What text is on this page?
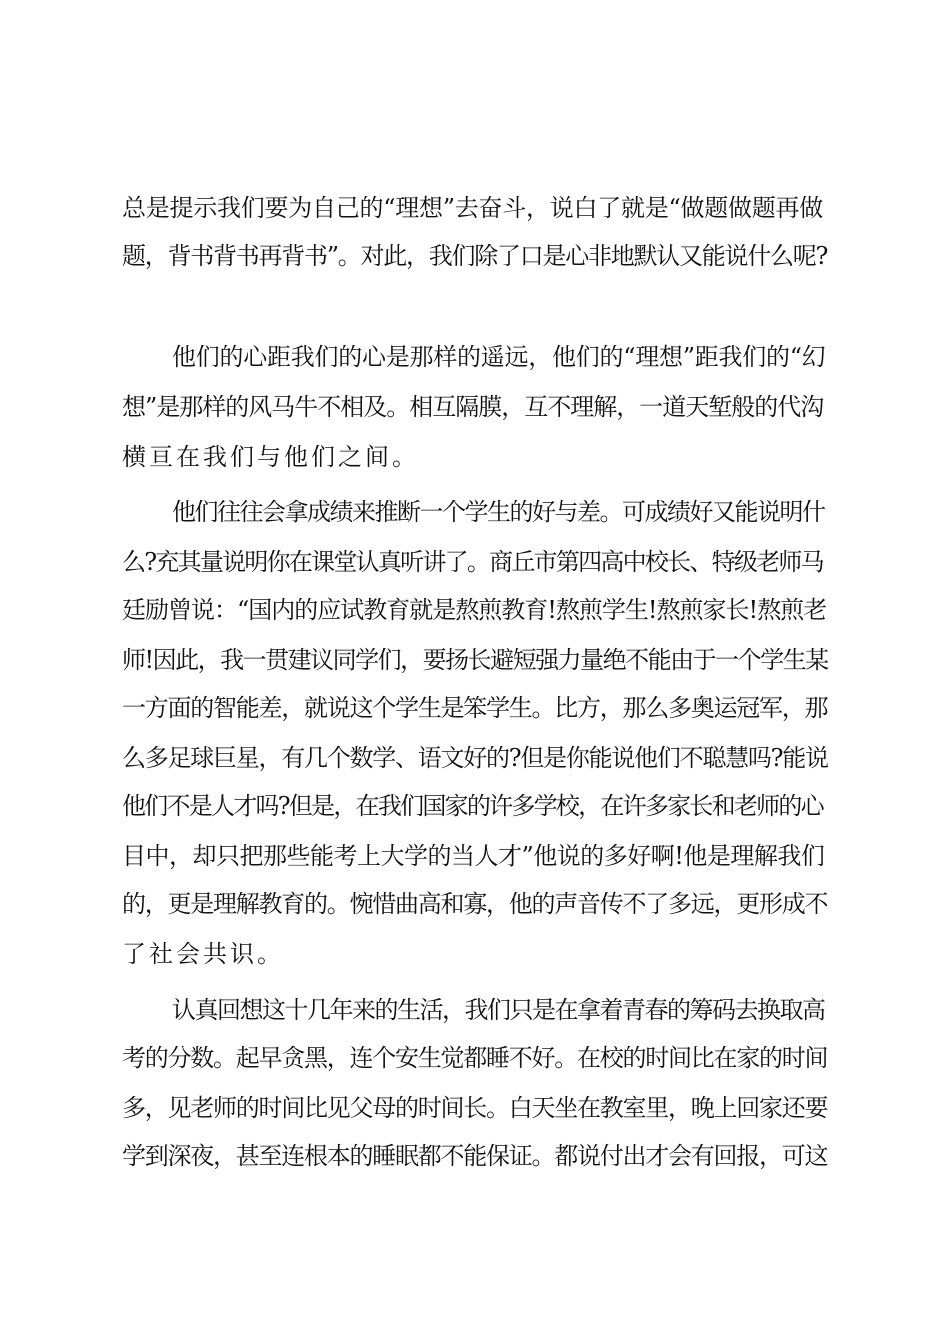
总是提示我们要为自己的“理想”去奋斗，说白了就是“做题做题再做
题，背书背书再背书”。对此，我们除了口是心非地默认又能说什么呢?
他们的心距我们的心是那样的遥远，他们的“理想”距我们的“幻
想”是那样的风马牛不相及。相互隔膜，互不理解，一道天堑般的代沟
横亘在我们与他们之间。
他们往往会拿成绩来推断一个学生的好与差。可成绩好又能说明什
么?充其量说明你在课堂认真听讲了。商丘市第四高中校长、特级老师马
廷励曾说：“国内的应试教育就是熬煎教育!熬煎学生!熬煎家长!熬煎老
师!因此，我一贯建议同学们，要扬长避短强力量绝不能由于一个学生某
一方面的智能差，就说这个学生是笨学生。比方，那么多奥运冠军，那
么多足球巨星，有几个数学、语文好的?但是你能说他们不聪慧吗?能说
他们不是人才吗?但是，在我们国家的许多学校，在许多家长和老师的心
目中，却只把那些能考上大学的当人才”他说的多好啊!他是理解我们
的，更是理解教育的。惋惜曲高和寡，他的声音传不了多远，更形成不
了社会共识。
认真回想这十几年来的生活，我们只是在拿着青春的筹码去换取高
考的分数。起早贪黑，连个安生觉都睡不好。在校的时间比在家的时间
多，见老师的时间比见父母的时间长。白天坐在教室里，晚上回家还要
学到深夜，甚至连根本的睡眠都不能保证。都说付出才会有回报，可这
